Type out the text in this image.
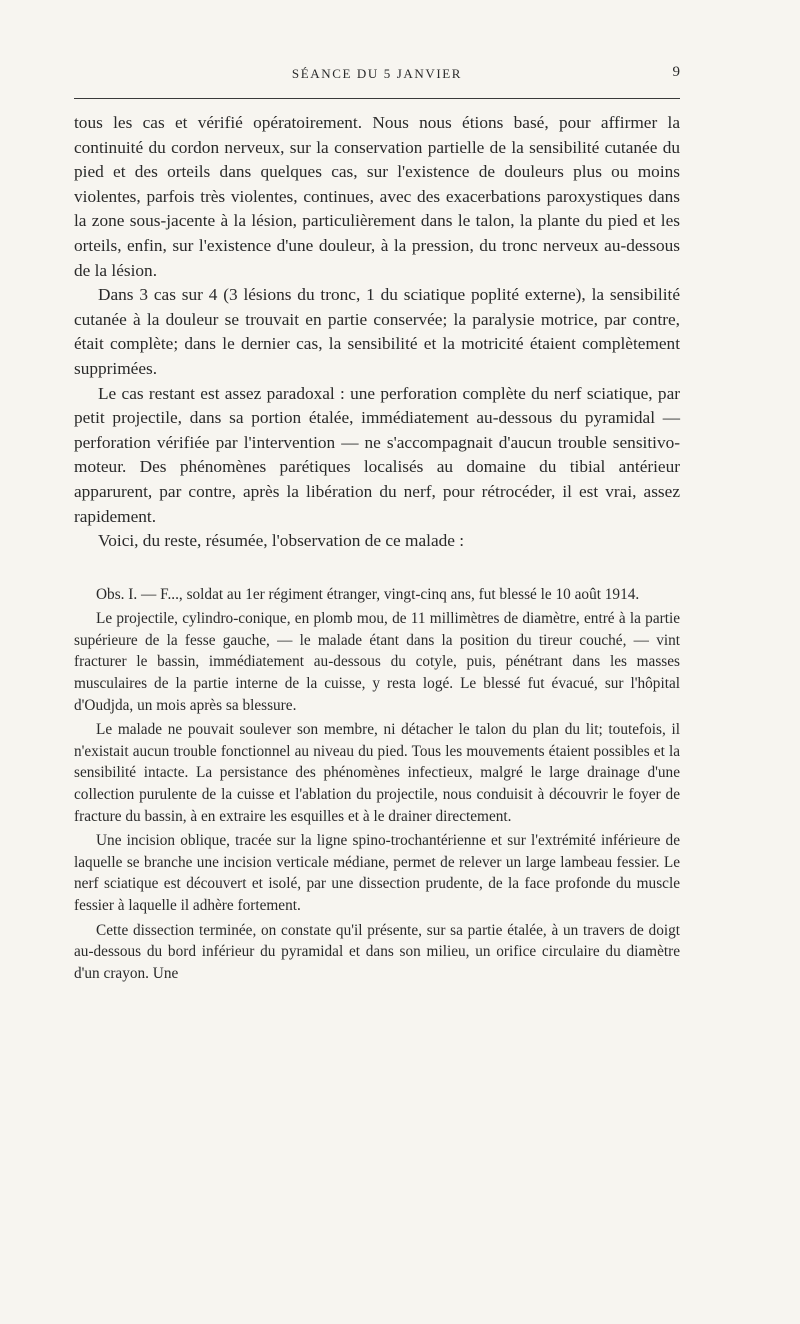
SÉANCE DU 5 JANVIER	9

tous les cas et vérifié opératoirement. Nous nous étions basé, pour affirmer la continuité du cordon nerveux, sur la conservation partielle de la sensibilité cutanée du pied et des orteils dans quelques cas, sur l'existence de douleurs plus ou moins violentes, parfois très violentes, continues, avec des exacerbations paroxystiques dans la zone sous-jacente à la lésion, particulièrement dans le talon, la plante du pied et les orteils, enfin, sur l'existence d'une douleur, à la pression, du tronc nerveux au-dessous de la lésion.

Dans 3 cas sur 4 (3 lésions du tronc, 1 du sciatique poplité externe), la sensibilité cutanée à la douleur se trouvait en partie conservée; la paralysie motrice, par contre, était complète; dans le dernier cas, la sensibilité et la motricité étaient complètement supprimées.

Le cas restant est assez paradoxal : une perforation complète du nerf sciatique, par petit projectile, dans sa portion étalée, immédiatement au-dessous du pyramidal — perforation vérifiée par l'intervention — ne s'accompagnait d'aucun trouble sensitivo-moteur. Des phénomènes parétiques localisés au domaine du tibial antérieur apparurent, par contre, après la libération du nerf, pour rétrocéder, il est vrai, assez rapidement.

Voici, du reste, résumée, l'observation de ce malade :

Obs. I. — F..., soldat au 1er régiment étranger, vingt-cinq ans, fut blessé le 10 août 1914.

Le projectile, cylindro-conique, en plomb mou, de 11 millimètres de diamètre, entré à la partie supérieure de la fesse gauche, — le malade étant dans la position du tireur couché, — vint fracturer le bassin, immédiatement au-dessous du cotyle, puis, pénétrant dans les masses musculaires de la partie interne de la cuisse, y resta logé. Le blessé fut évacué, sur l'hôpital d'Oudjda, un mois après sa blessure.

Le malade ne pouvait soulever son membre, ni détacher le talon du plan du lit; toutefois, il n'existait aucun trouble fonctionnel au niveau du pied. Tous les mouvements étaient possibles et la sensibilité intacte. La persistance des phénomènes infectieux, malgré le large drainage d'une collection purulente de la cuisse et l'ablation du projectile, nous conduisit à découvrir le foyer de fracture du bassin, à en extraire les esquilles et à le drainer directement.

Une incision oblique, tracée sur la ligne spino-trochantérienne et sur l'extrémité inférieure de laquelle se branche une incision verticale médiane, permet de relever un large lambeau fessier. Le nerf sciatique est découvert et isolé, par une dissection prudente, de la face profonde du muscle fessier à laquelle il adhère fortement.

Cette dissection terminée, on constate qu'il présente, sur sa partie étalée, à un travers de doigt au-dessous du bord inférieur du pyramidal et dans son milieu, un orifice circulaire du diamètre d'un crayon. Une
